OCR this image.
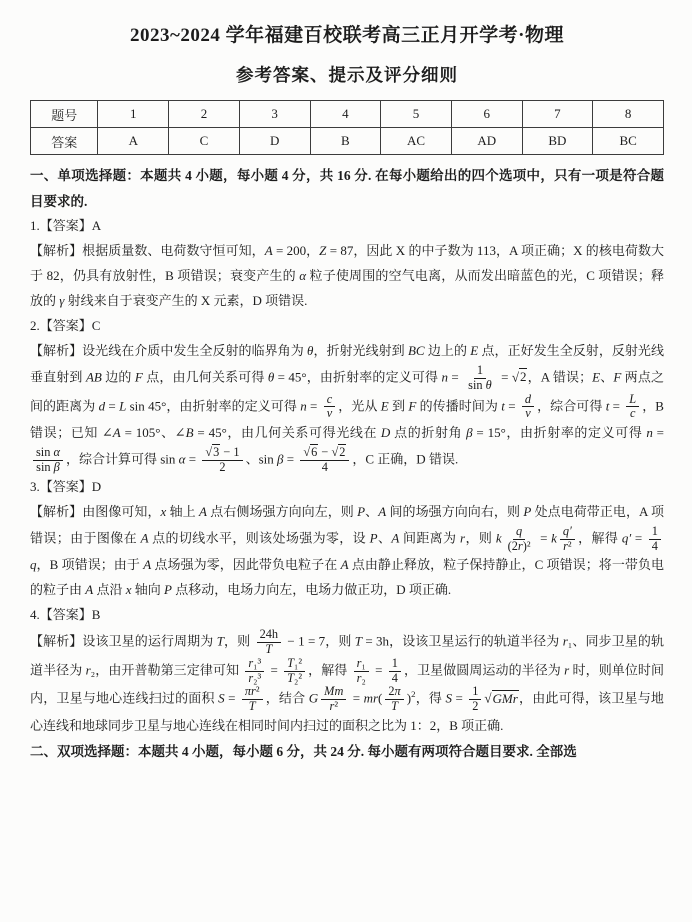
2023~2024 学年福建百校联考高三正月开学考·物理
参考答案、提示及评分细则
题号	1	2	3	4	5	6	7	8
答案	A	C	D	B	AC	AD	BD	BC

一、单项选择题：本题共 4 小题，每小题 4 分，共 16 分. 在每小题给出的四个选项中，只有一项是符合题目要求的.

1.【答案】A

【解析】根据质量数、电荷数守恒可知，A = 200，Z = 87，因此 X 的中子数为 113，A 项正确；X 的核电荷数大于 82，仍具有放射性，B 项错误；衰变产生的 α 粒子使周围的空气电离，从而发出暗蓝色的光，C 项错误；释放的 γ 射线来自于衰变产生的 X 元素，D 项错误.

2.【答案】C

【解析】设光线在介质中发生全反射的临界角为 θ，折射光线射到 BC 边上的 E 点，正好发生全反射，反射光线垂直射到 AB 边的 F 点，由几何关系可得 θ = 45°，由折射率的定义可得 $n = \frac{1}{\text{sin θ}} = √2$，A 错误；E、F 两点之间的距离为 d = L sin 45°，由折射率的定义可得 $n = \frac{c}{v}$ ，光从 E 到 F 的传播时间为 $t = \frac{d}{v}$ ，综合可得 $t = \frac{L}{c}$ ，B 错误；已知 ∠A = 105°、∠B = 45°，由几何关系可得光线在 D 点的折射角 β = 15°，由折射率的定义可得 n =
$\frac{\text{sin α}}{\text{sin β}}$ ，综合计算可得 $\sin \alpha = \frac{√3 - 1}{2}$ 、$\sin \beta = \frac{√6 - √2}{4}$ ，C 正确，D 错误.

3.【答案】D

【解析】由图像可知，x 轴上 A 点右侧场强方向向左，则 P、A 间的场强方向向右，则 P 处点电荷带正电，A 项错误；由于图像在 A 点的切线水平，则该处场强为零，设 P、A 间距离为 r，则 k $\frac{q}{\text{(2r)²}} = k \frac{q'}{\text{r²}}$ ，解得 $q' = \frac{1}{4}$
q，B 项错误；由于 A 点场强为零，因此带负电粒子在 A 点由静止释放，粒子保持静止，C 项错误；将一带负电的粒子由 A 点沿 x 轴向 P 点移动，电场力向左，电场力做正功，D 项正确.

4.【答案】B

【解析】设该卫星的运行周期为 T，则 $\frac{24h}{T} - 1 = 7$，则 T = 3h，设该卫星运行的轨道半径为 r₁、同步卫星的轨道半径为 r₂，由开普勒第三定律可知 $\frac{\text{r₁³}}{\text{r₂³}} = \frac{\text{T₁²}}{\text{T₂²}}$ ，解得 $\frac{\text{r₁}}{\text{r₂}} = \frac{1}{4}$ ，卫星做圆周运动的半径为 r 时，则单位时间内，卫星与地心连线扫过的面积 $S = \frac{\text{πr²}}{T}$ ，结合 G $\frac{Mm}{\text{r²}} = mr( \frac{2\pi}{T} )^2$，得 $S = \frac{1}{2} √GMr$，由此可得，该卫星与地心连线和地球同步卫星与地心连线在相同时间内扫过的面积之比为 1：2，B 项正确.

二、双项选择题：本题共 4 小题，每小题 6 分，共 24 分. 每小题有两项符合题目要求. 全部选
